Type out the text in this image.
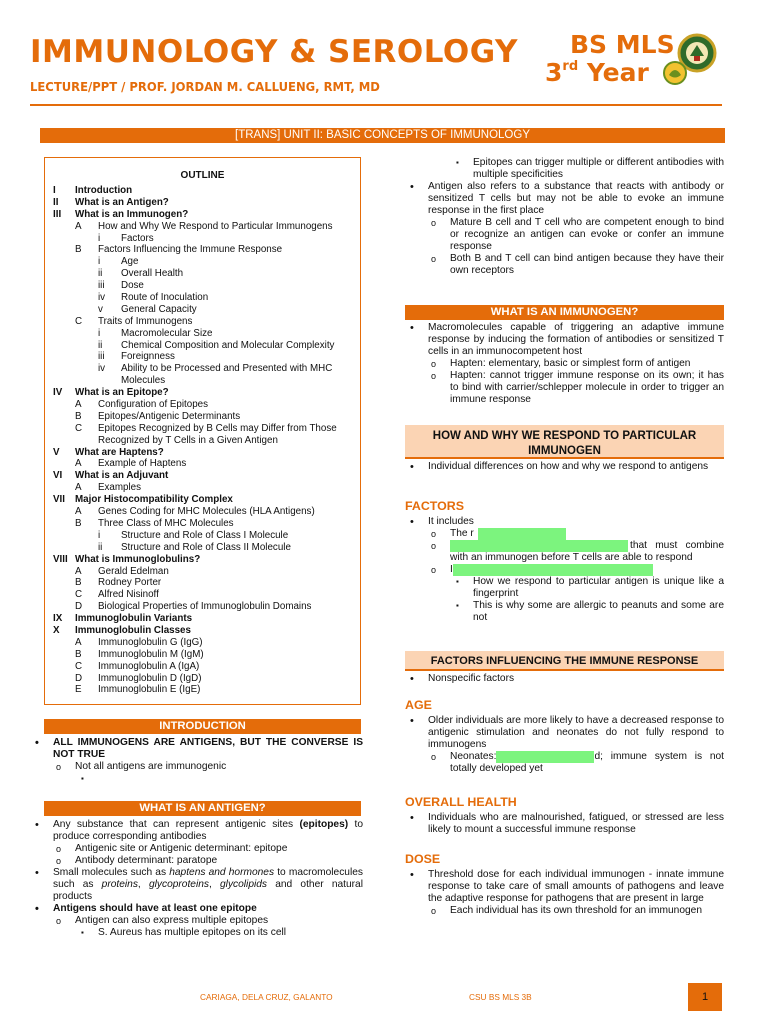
IMMUNOLOGY & SEROLOGY
LECTURE/PPT / PROF. JORDAN M. CALLUENG, RMT, MD
BS MLS
3rd Year
[TRANS] UNIT II: BASIC CONCEPTS OF IMMUNOLOGY
OUTLINE
I Introduction
II What is an Antigen?
III What is an Immunogen?
A How and Why We Respond to Particular Immunogens
i Factors
B Factors Influencing the Immune Response
i Age
ii Overall Health
iii Dose
iv Route of Inoculation
v General Capacity
C Traits of Immunogens
i Macromolecular Size
ii Chemical Composition and Molecular Complexity
iii Foreignness
iv Ability to be Processed and Presented with MHC
Molecules
IV What is an Epitope?
A Configuration of Epitopes
B Epitopes/Antigenic Determinants
C Epitopes Recognized by B Cells may Differ from Those
Recognized by T Cells in a Given Antigen
V What are Haptens?
A Example of Haptens
VI What is an Adjuvant
A Examples
VII Major Histocompatibility Complex
A Genes Coding for MHC Molecules (HLA Antigens)
B Three Class of MHC Molecules
i Structure and Role of Class I Molecule
ii Structure and Role of Class II Molecule
VIII What is Immunoglobulins?
A Gerald Edelman
B Rodney Porter
C Alfred Nisinoff
D Biological Properties of Immunoglobulin Domains
IX Immunoglobulin Variants
X Immunoglobulin Classes
A Immunoglobulin G (IgG)
B Immunoglobulin M (IgM)
C Immunoglobulin A (IgA)
D Immunoglobulin D (IgD)
E Immunoglobulin E (IgE)
INTRODUCTION
• ALL IMMUNOGENS ARE ANTIGENS, BUT THE CONVERSE IS NOT TRUE
o Not all antigens are immunogenic
▪
WHAT IS AN ANTIGEN?
• Any substance that can represent antigenic sites (epitopes) to produce corresponding antibodies
o Antigenic site or Antigenic determinant: epitope
o Antibody determinant: paratope
• Small molecules such as haptens and hormones to macromolecules such as proteins, glycoproteins, glycolipids and other natural products
• Antigens should have at least one epitope
o Antigen can also express multiple epitopes
▪ S. Aureus has multiple epitopes on its cell
▪ Epitopes can trigger multiple or different antibodies with multiple specificities
• Antigen also refers to a substance that reacts with antibody or sensitized T cells but may not be able to evoke an immune response in the first place
o Mature B cell and T cell who are competent enough to bind or recognize an antigen can evoke or confer an immune response
o Both B and T cell can bind antigen because they have their own receptors
WHAT IS AN IMMUNOGEN?
• Macromolecules capable of triggering an adaptive immune response by inducing the formation of antibodies or sensitized T cells in an immunocompetent host
o Hapten: elementary, basic or simplest form of antigen
o Hapten: cannot trigger immune response on its own; it has to bind with carrier/schlepper molecule in order to trigger an immune response
HOW AND WHY WE RESPOND TO PARTICULAR IMMUNOGEN
• Individual differences on how and why we respond to antigens
FACTORS
• It includes
o The r
o that must combine with an immunogen before T cells are able to respond
o I
▪ How we respond to particular antigen is unique like a fingerprint
▪ This is why some are allergic to peanuts and some are not
FACTORS INFLUENCING THE IMMUNE RESPONSE
• Nonspecific factors
AGE
• Older individuals are more likely to have a decreased response to antigenic stimulation and neonates do not fully respond to immunogens
o Neonates:	d; immune system is not totally developed yet
OVERALL HEALTH
• Individuals who are malnourished, fatigued, or stressed are less likely to mount a successful immune response
DOSE
• Threshold dose for each individual immunogen - innate immune response to take care of small amounts of pathogens and leave the adaptive response for pathogens that are present in large
o Each individual has its own threshold for an immunogen
CARIAGA, DELA CRUZ, GALANTO	CSU BS MLS 3B	1
